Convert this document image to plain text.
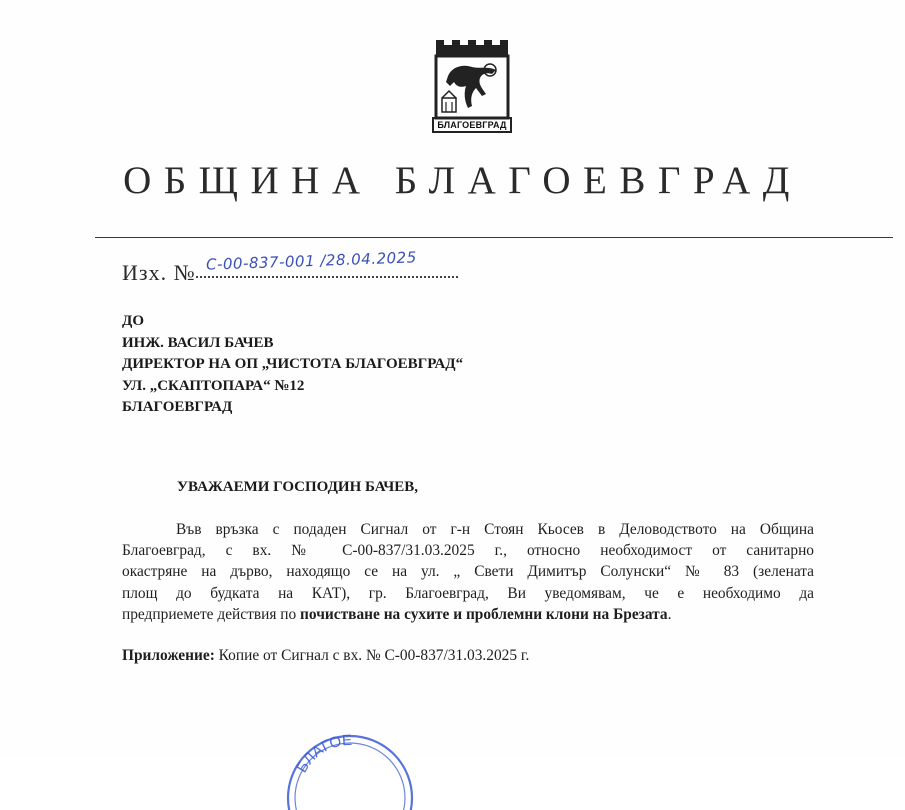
БЛАГОЕВГРАД
ОБЩИНА БЛАГОЕВГРАД
Изх. № С-00-837-001 /28.04.2025
ДО
ИНЖ. ВАСИЛ БАЧЕВ
ДИРЕКТОР НА ОП „ЧИСТОТА БЛАГОЕВГРАД“
УЛ. „СКАПТОПАРА“ №12
БЛАГОЕВГРАД
УВАЖАЕМИ ГОСПОДИН БАЧЕВ,
Във връзка с подаден Сигнал от г-н Стоян Кьосев в Деловодството на Община
Благоевград, с вх. № С-00-837/31.03.2025 г., относно необходимост от санитарно
окастряне на дърво, находящо се на ул. „ Свети Димитър Солунски“ № 83 (зелената
площ до будката на КАТ), гр. Благоевград, Ви уведомявам, че е необходимо да
предприемете действия по почистване на сухите и проблемни клони на Брезата.
Приложение: Копие от Сигнал с вх. № С-00-837/31.03.2025 г.
БЛАГОЕ
